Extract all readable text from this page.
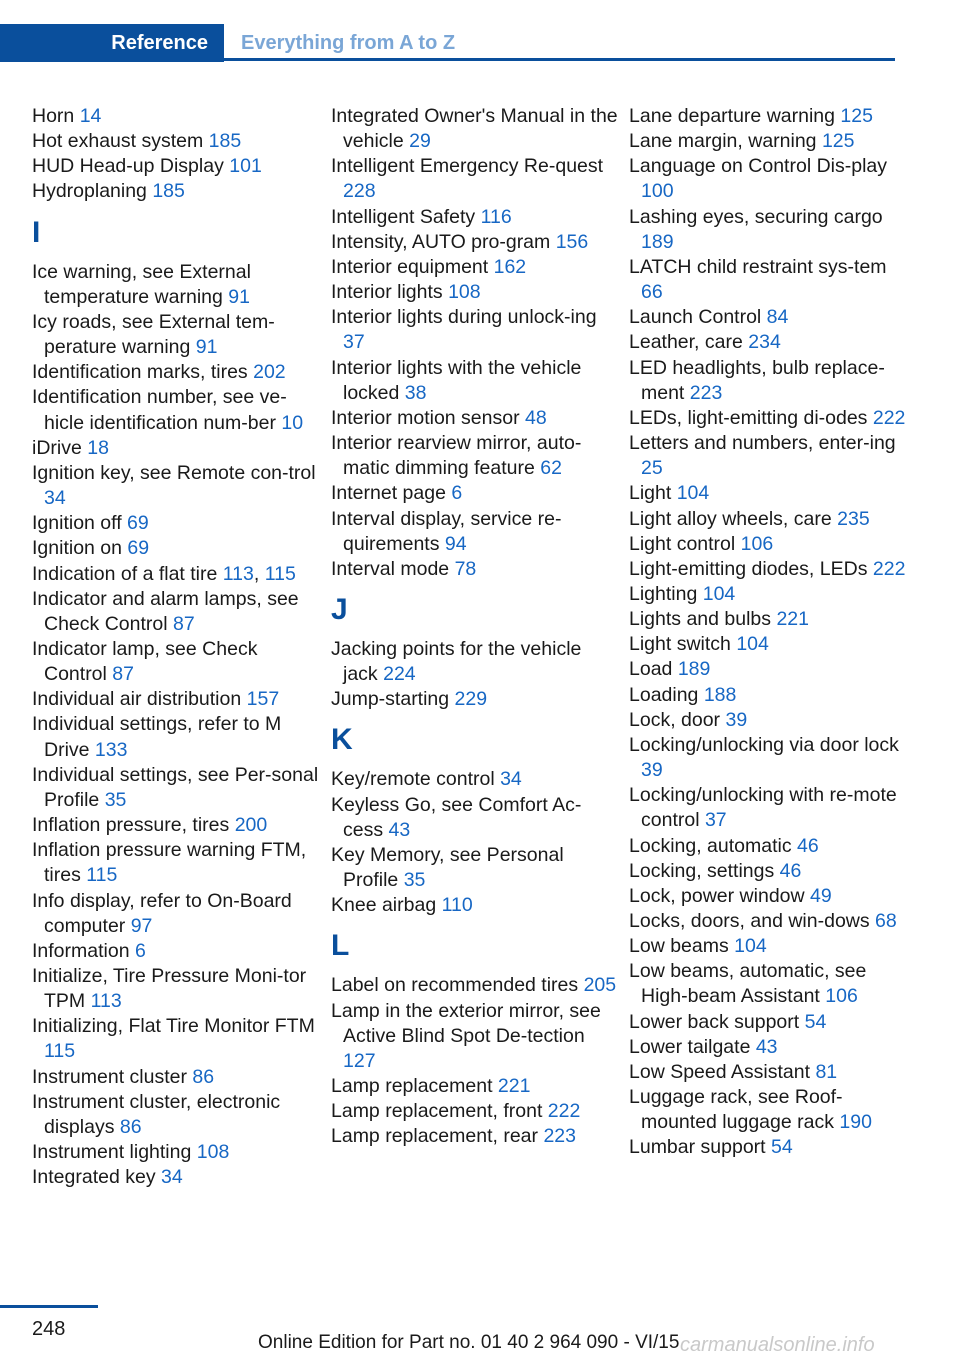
Reference	Everything from A to Z
Horn 14
Hot exhaust system 185
HUD Head-up Display 101
Hydroplaning 185
I
Ice warning, see External temperature warning 91
Icy roads, see External tem‐perature warning 91
Identification marks, tires 202
Identification number, see ve‐hicle identification num‐ber 10
iDrive 18
Ignition key, see Remote con‐trol 34
Ignition off 69
Ignition on 69
Indication of a flat tire 113, 115
Indicator and alarm lamps, see Check Control 87
Indicator lamp, see Check Control 87
Individual air distribution 157
Individual settings, refer to M Drive 133
Individual settings, see Per‐sonal Profile 35
Inflation pressure, tires 200
Inflation pressure warning FTM, tires 115
Info display, refer to On-Board computer 97
Information 6
Initialize, Tire Pressure Moni‐tor TPM 113
Initializing, Flat Tire Monitor FTM 115
Instrument cluster 86
Instrument cluster, electronic displays 86
Instrument lighting 108
Integrated key 34
Integrated Owner's Manual in the vehicle 29
Intelligent Emergency Re‐quest 228
Intelligent Safety 116
Intensity, AUTO pro‐gram 156
Interior equipment 162
Interior lights 108
Interior lights during unlock‐ing 37
Interior lights with the vehicle locked 38
Interior motion sensor 48
Interior rearview mirror, auto‐matic dimming feature 62
Internet page 6
Interval display, service re‐quirements 94
Interval mode 78
J
Jacking points for the vehicle jack 224
Jump-starting 229
K
Key/remote control 34
Keyless Go, see Comfort Ac‐cess 43
Key Memory, see Personal Profile 35
Knee airbag 110
L
Label on recommended tires 205
Lamp in the exterior mirror, see Active Blind Spot De‐tection 127
Lamp replacement 221
Lamp replacement, front 222
Lamp replacement, rear 223
Lane departure warning 125
Lane margin, warning 125
Language on Control Dis‐play 100
Lashing eyes, securing cargo 189
LATCH child restraint sys‐tem 66
Launch Control 84
Leather, care 234
LED headlights, bulb replace‐ment 223
LEDs, light-emitting di‐odes 222
Letters and numbers, enter‐ing 25
Light 104
Light alloy wheels, care 235
Light control 106
Light-emitting diodes, LEDs 222
Lighting 104
Lights and bulbs 221
Light switch 104
Load 189
Loading 188
Lock, door 39
Locking/unlocking via door lock 39
Locking/unlocking with re‐mote control 37
Locking, automatic 46
Locking, settings 46
Lock, power window 49
Locks, doors, and win‐dows 68
Low beams 104
Low beams, automatic, see High-beam Assistant 106
Lower back support 54
Lower tailgate 43
Low Speed Assistant 81
Luggage rack, see Roof-mounted luggage rack 190
Lumbar support 54
248
Online Edition for Part no. 01 40 2 964 090 - VI/15 carmanualsonline.info
